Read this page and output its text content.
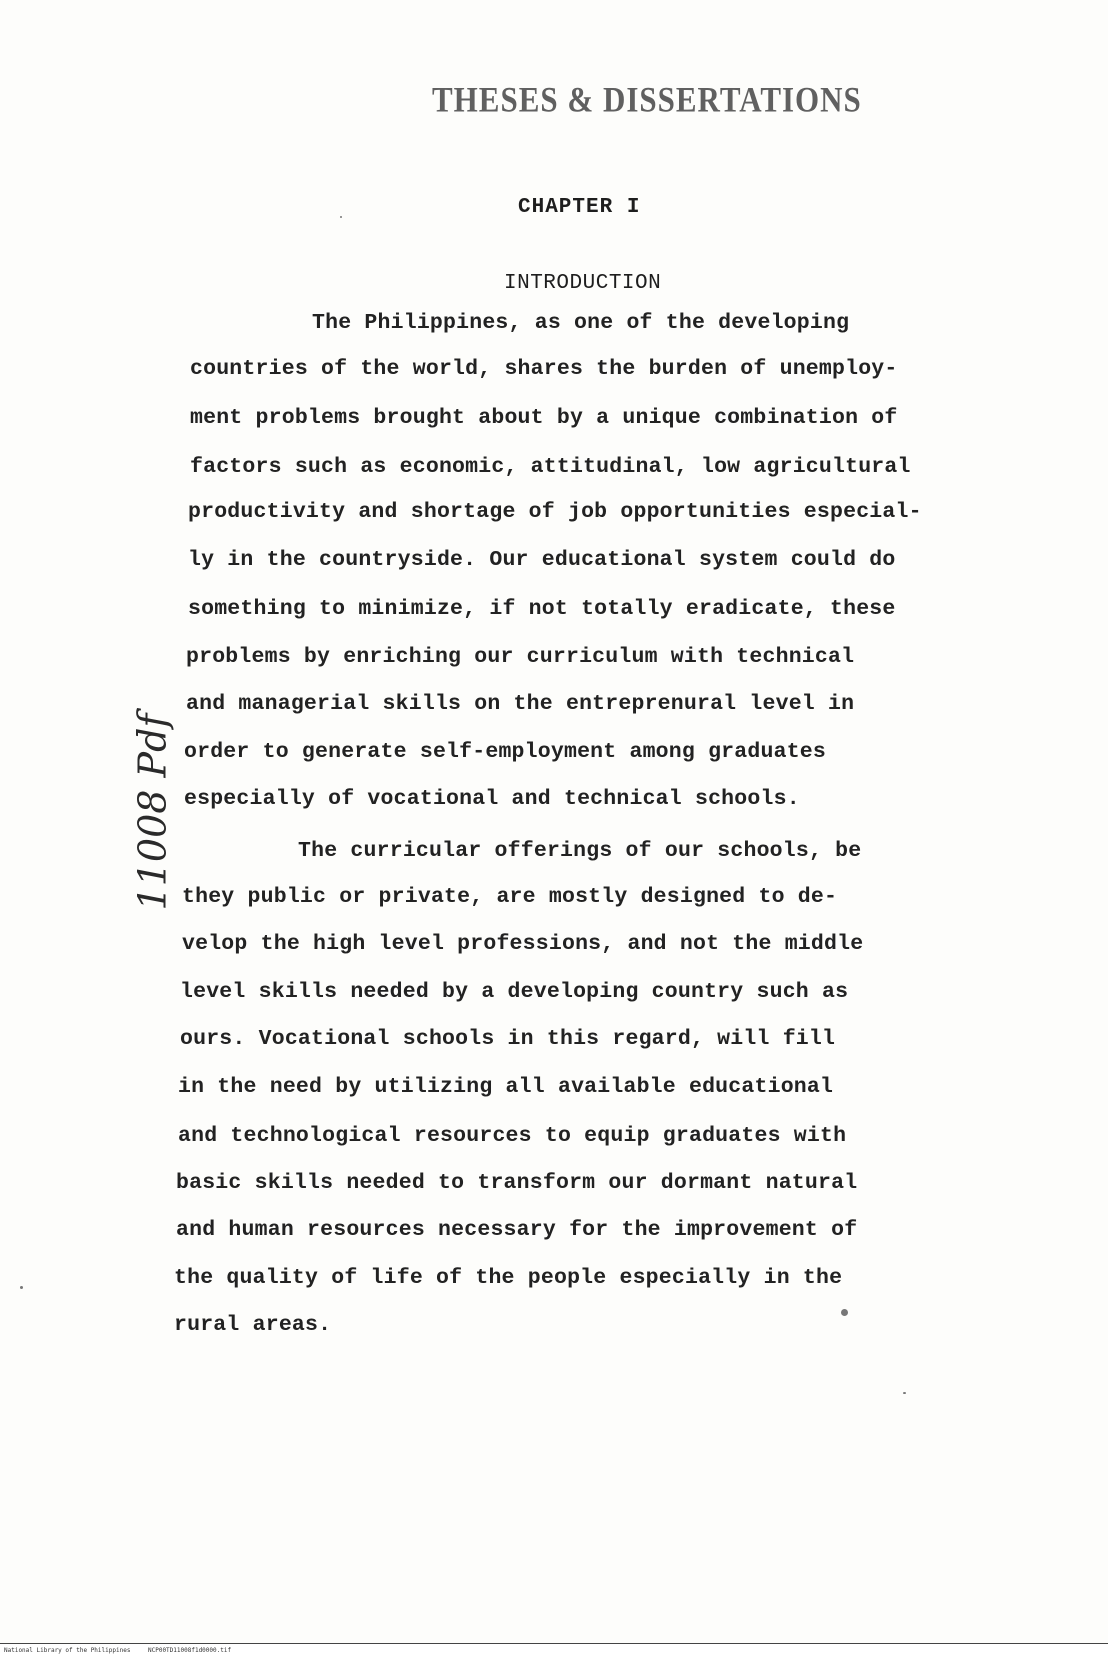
THESES & DISSERTATIONS
CHAPTER I
INTRODUCTION
The Philippines, as one of the developing
countries of the world, shares the burden of unemploy-
ment problems brought about by a unique combination of
factors such as economic, attitudinal, low agricultural
productivity and shortage of job opportunities especial-
ly in the countryside. Our educational system could do
something to minimize, if not totally eradicate, these
problems by enriching our curriculum with technical
and managerial skills on the entreprenural level in
order to generate self-employment among graduates
especially of vocational and technical schools.
The curricular offerings of our schools, be
they public or private, are mostly designed to de-
velop the high level professions, and not the middle
level skills needed by a developing country such as
ours. Vocational schools in this regard, will fill
in the need by utilizing all available educational
and technological resources to equip graduates with
basic skills needed to transform our dormant natural
and human resources necessary for the improvement of
the quality of life of the people especially in the
rural areas.
11008 Pdf
National Library of the Philippines	NCP00TD11008f1d0000.tif
